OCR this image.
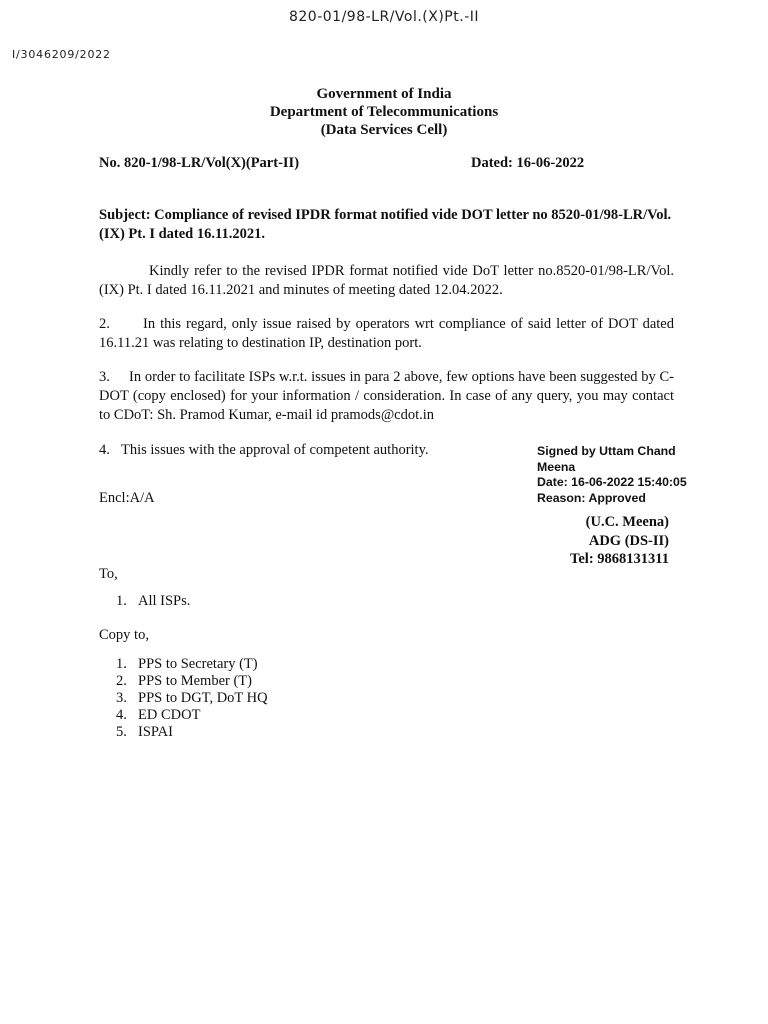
820-01/98-LR/Vol.(X)Pt.-II
I/3046209/2022
Government of India
Department of Telecommunications
(Data Services Cell)
No. 820-1/98-LR/Vol(X)(Part-II)	Dated: 16-06-2022
Subject: Compliance of revised IPDR format notified vide DOT letter no 8520-01/98-LR/Vol.(IX) Pt. I dated 16.11.2021.
Kindly refer to the revised IPDR format notified vide DoT letter no.8520-01/98-LR/Vol.(IX) Pt. I dated 16.11.2021 and minutes of meeting dated 12.04.2022.
2. In this regard, only issue raised by operators wrt compliance of said letter of DOT dated 16.11.21 was relating to destination IP, destination port.
3. In order to facilitate ISPs w.r.t. issues in para 2 above, few options have been suggested by C-DOT (copy enclosed) for your information / consideration. In case of any query, you may contact to CDoT: Sh. Pramod Kumar, e-mail id pramods@cdot.in
4. This issues with the approval of competent authority.	Signed by Uttam Chand
Meena
Date: 16-06-2022 15:40:05
Reason: Approved
Encl:A/A
(U.C. Meena)
ADG (DS-II)
Tel: 9868131311
To,
1. All ISPs.
Copy to,
1. PPS to Secretary (T)
2. PPS to Member (T)
3. PPS to DGT, DoT HQ
4. ED CDOT
5. ISPAI
